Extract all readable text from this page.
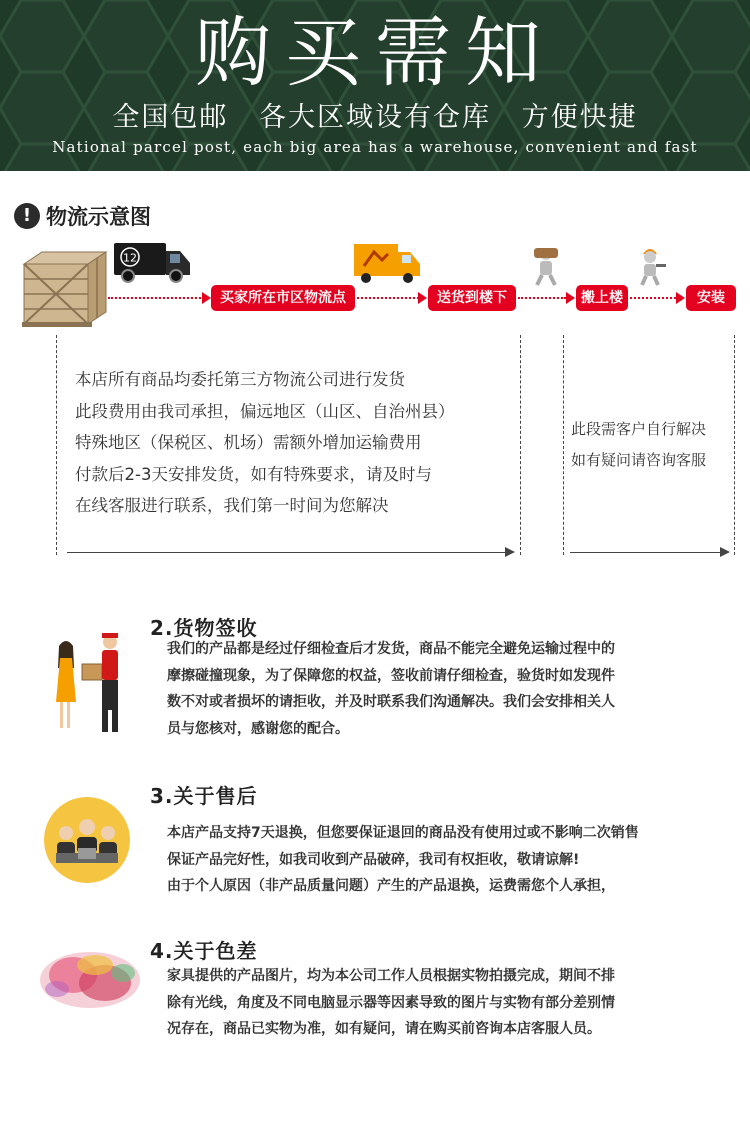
购买需知
全国包邮 各大区域设有仓库 方便快捷
National parcel post, each big area has a warehouse, convenient and fast
! 物流示意图
12
买家所在市区物流点	送货到楼下	搬上楼	安装
本店所有商品均委托第三方物流公司进行发货
此段费用由我司承担，偏远地区（山区、自治州县）
特殊地区（保税区、机场）需额外增加运输费用
付款后2-3天安排发货，如有特殊要求，请及时与
在线客服进行联系，我们第一时间为您解决
此段需客户自行解决
如有疑问请咨询客服
2.货物签收
我们的产品都是经过仔细检查后才发货，商品不能完全避免运输过程中的
摩擦碰撞现象，为了保障您的权益，签收前请仔细检查，验货时如发现件
数不对或者损坏的请拒收，并及时联系我们沟通解决。我们会安排相关人
员与您核对，感谢您的配合。
3.关于售后
本店产品支持7天退换，但您要保证退回的商品没有使用过或不影响二次销售
保证产品完好性，如我司收到产品破碎，我司有权拒收，敬请谅解!
由于个人原因（非产品质量问题）产生的产品退换，运费需您个人承担，
4.关于色差
家具提供的产品图片，均为本公司工作人员根据实物拍摄完成，期间不排
除有光线，角度及不同电脑显示器等因素导致的图片与实物有部分差别情
况存在，商品已实物为准，如有疑问，请在购买前咨询本店客服人员。
